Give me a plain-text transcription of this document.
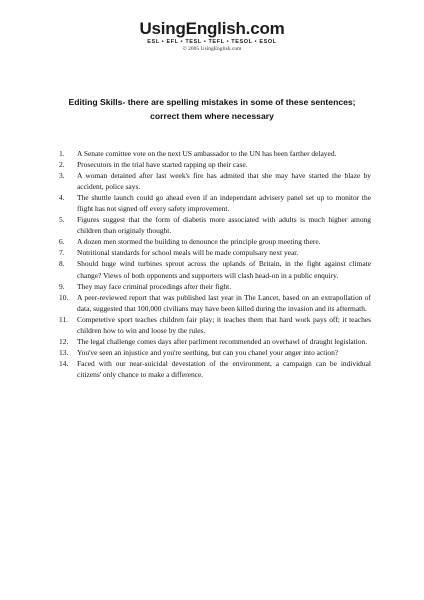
UsingEnglish.com
ESL • EFL • TESL • TEFL • TESOL • ESOL
© 2005 UsingEnglish.com
Editing Skills- there are spelling mistakes in some of these sentences; correct them where necessary
1. A Senate comittee vote on the next US ambassador to the UN has been farther delayed.
2. Prosecutors in the trial have started rapping up their case.
3. A woman detained after last week's fire has admited that she may have started the blaze by accident, police says.
4. The shuttle launch could go ahead even if an independant advisery panel set up to monitor the flight has not signed off every safety improvement.
5. Figures suggest that the form of diabetis more associated with adults is much higher among children than originaly thought.
6. A dozen men stormed the building to denounce the principle group meeting there.
7. Nutritional standards for school meals will be made compulsary next year.
8. Should huge wind turbines sprout across the uplands of Britain, in the fight against climate change? Views of both opponents and supporters will clash head-on in a public enquiry.
9. They may face criminal procedings after their fight.
10. A peer-reviewed report that was published last year in The Lancet, based on an extrapollation of data, suggested that 100,000 civilians may have been killed during the invasion and its aftermath.
11. Competetive sport teaches children fair play; it teaches them that hard work pays off; it teaches children how to win and loose by the rules.
12. The legal challenge comes days after parliment recommended an overhawl of draught legislation.
13. You've seen an injustice and you're seething, but can you chanel your anger into action?
14. Faced with our near-suicidal devestation of the environment, a campaign can be individual citizens' only chance to make a difference.
